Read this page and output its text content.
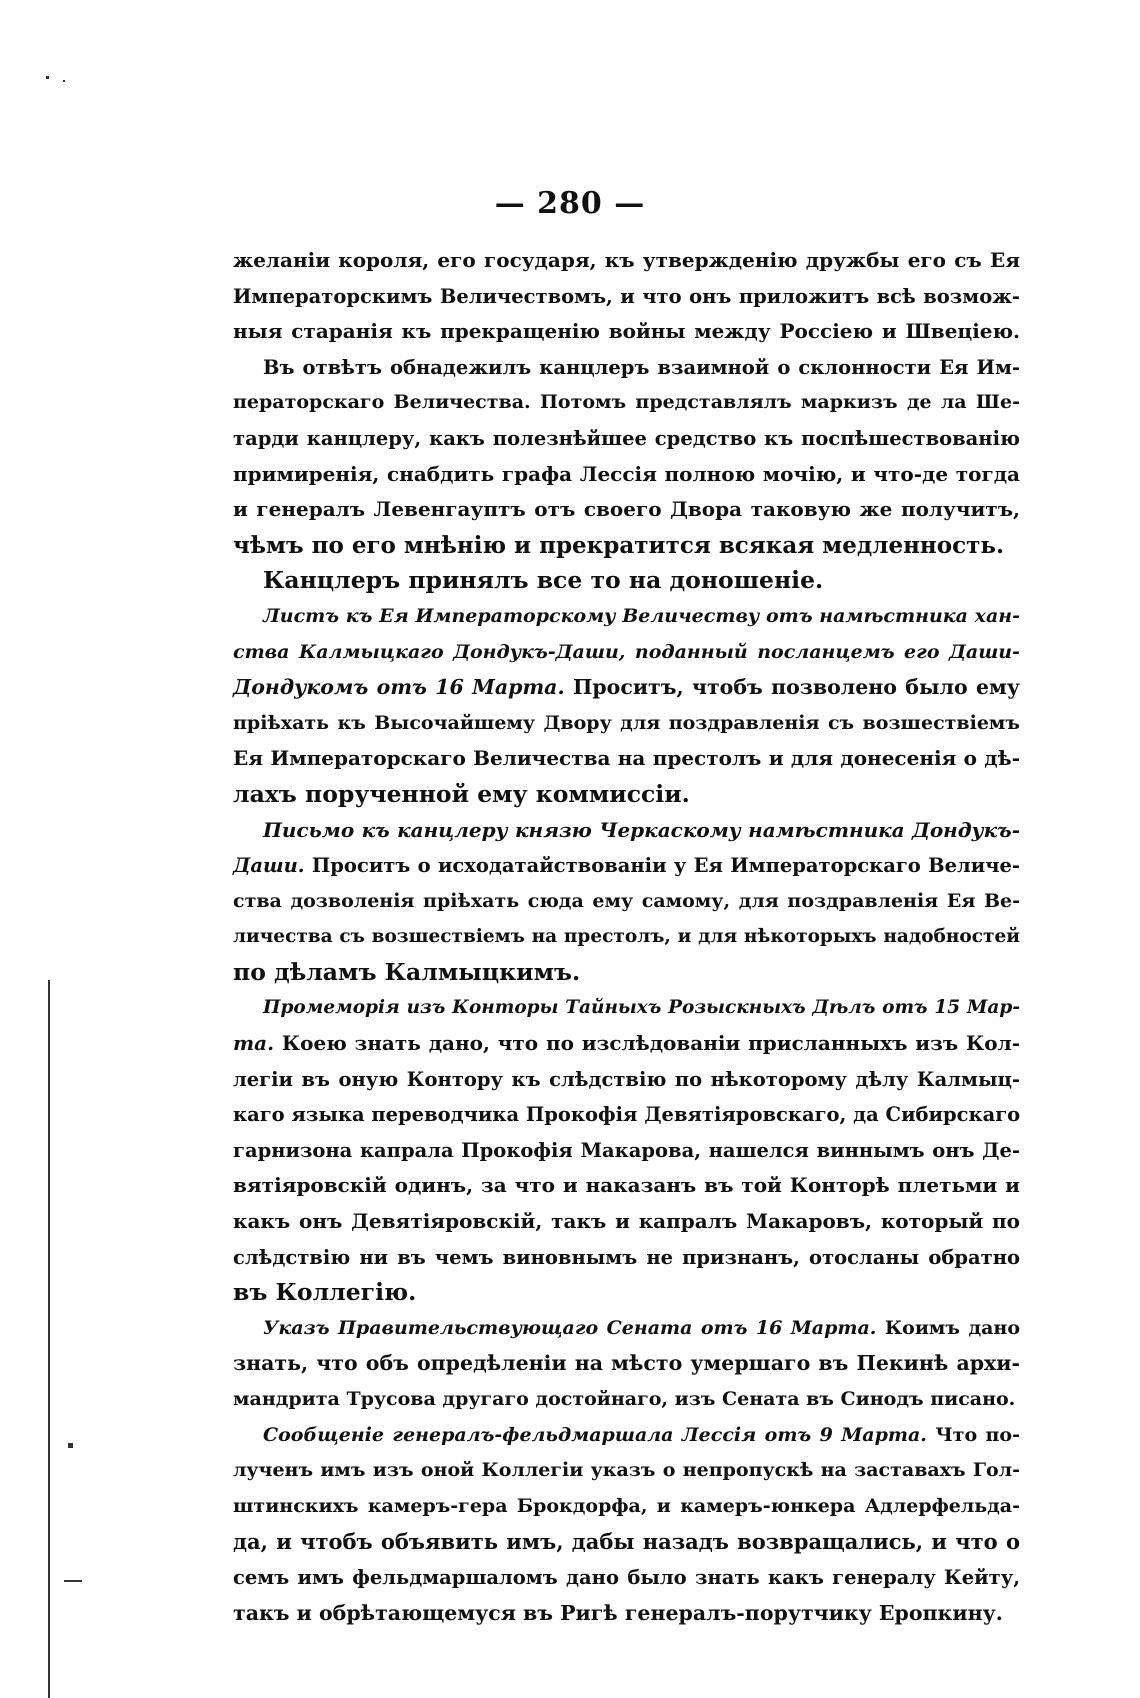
— 280 —
желанiи короля, его государя, къ утвержденiю дружбы его съ Ея
Императорскимъ Величествомъ, и что онъ приложитъ всѣ возмож-
ныя старанiя къ прекращенiю войны между Россiею и Швецiею.
Въ отвѣтъ обнадежилъ канцлеръ взаимной о склонности Ея Им-
ператорскаго Величества. Потомъ представлялъ маркизъ де ла Ше-
тарди канцлеру, какъ полезнѣйшее средство къ поспѣшествованiю
примиренiя, снабдить графа Лессiя полною мочiю, и что-де тогда
и генералъ Левенгауптъ отъ своего Двора таковую же получитъ,
чѣмъ по его мнѣнiю и прекратится всякая медленность.
Канцлеръ принялъ все то на доношенiе.
Листъ къ Ея Императорскому Величеству отъ намѣстника хан-
ства Калмыцкаго Дондукъ-Даши, поданный посланцемъ его Даши-
Дондукомъ отъ 16 Марта. Проситъ, чтобъ позволено было ему
прiѣхать къ Высочайшему Двору для поздравленiя съ возшествiемъ
Ея Императорскаго Величества на престолъ и для донесенiя о дѣ-
лахъ порученной ему коммиссiи.
Письмо къ канцлеру князю Черкаскому намѣстника Дондукъ-
Даши. Проситъ о исходатайствованiи у Ея Императорскаго Величе-
ства дозволенiя прiѣхать сюда ему самому, для поздравленiя Ея Ве-
личества съ возшествiемъ на престолъ, и для нѣкоторыхъ надобностей
по дѣламъ Калмыцкимъ.
Промеморiя изъ Конторы Тайныхъ Розыскныхъ Дѣлъ отъ 15 Мар-
та. Коею знать дано, что по изслѣдованiи присланныхъ изъ Кол-
легiи въ оную Контору къ слѣдствiю по нѣкоторому дѣлу Калмыц-
каго языка переводчика Прокофiя Девятiяровскаго, да Сибирскаго
гарнизона капрала Прокофiя Макарова, нашелся виннымъ онъ Де-
вятiяровскiй одинъ, за что и наказанъ въ той Конторѣ плетьми и
какъ онъ Девятiяровскiй, такъ и капралъ Макаровъ, который по
слѣдствiю ни въ чемъ виновнымъ не признанъ, отосланы обратно
въ Коллегiю.
Указъ Правительствующаго Сената отъ 16 Марта. Коимъ дано
знать, что объ опредѣленiи на мѣсто умершаго въ Пекинѣ архи-
мандрита Трусова другаго достойнаго, изъ Сената въ Синодъ писано.
Сообщенiе генералъ-фельдмаршала Лессiя отъ 9 Марта. Что по-
лученъ имъ изъ оной Коллегiи указъ о непропускѣ на заставахъ Гол-
штинскихъ камеръ-гера Брокдорфа, и камеръ-юнкера Адлерфельда-
да, и чтобъ объявить имъ, дабы назадъ возвращались, и что о
семъ имъ фельдмаршаломъ дано было знать какъ генералу Кейту,
такъ и обрѣтающемуся въ Ригѣ генералъ-порутчику Еропкину.
